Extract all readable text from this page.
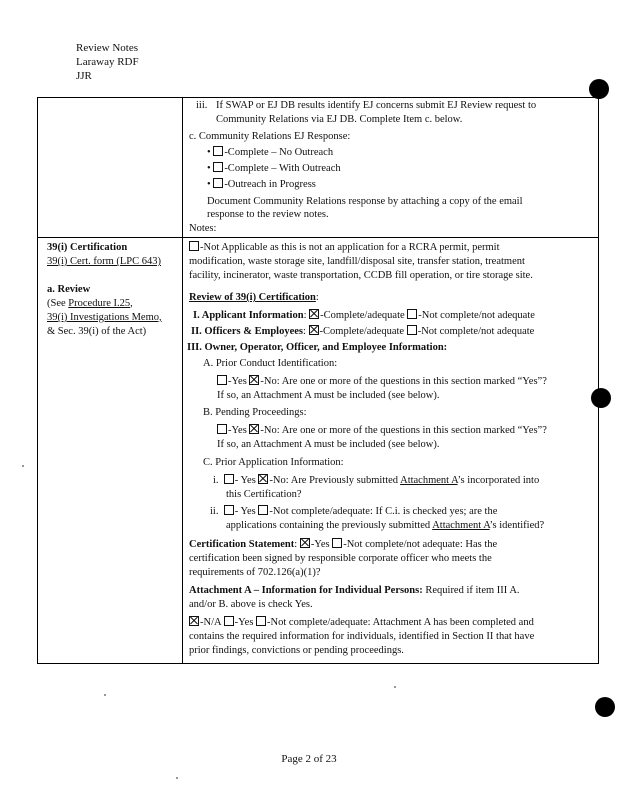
Review Notes
Laraway RDF
JJR
iii. If SWAP or EJ DB results identify EJ concerns submit EJ Review request to
Community Relations via EJ DB. Complete Item c. below.
c. Community Relations EJ Response:
• -Complete – No Outreach
• -Complete – With Outreach
• -Outreach in Progress
Document Community Relations response by attaching a copy of the email
response to the review notes.
Notes:
39(i) Certification
39(i) Cert. form (LPC 643)
a. Review
(See Procedure I.25,
39(i) Investigations Memo,
& Sec. 39(i) of the Act)
-Not Applicable as this is not an application for a RCRA permit, permit
modification, waste storage site, landfill/disposal site, transfer station, treatment
facility, incinerator, waste transportation, CCDB fill operation, or tire storage site.
Review of 39(i) Certification:
I. Applicant Information: -Complete/adequate -Not complete/not adequate
II. Officers & Employees: -Complete/adequate -Not complete/not adequate
III. Owner, Operator, Officer, and Employee Information:
A. Prior Conduct Identification:
-Yes -No: Are one or more of the questions in this section marked “Yes”?
If so, an Attachment A must be included (see below).
B. Pending Proceedings:
-Yes -No: Are one or more of the questions in this section marked “Yes”?
If so, an Attachment A must be included (see below).
C. Prior Application Information:
i. - Yes -No: Are Previously submitted Attachment A’s incorporated into
this Certification?
ii. - Yes -Not complete/adequate: If C.i. is checked yes; are the
applications containing the previously submitted Attachment A’s identified?
Certification Statement: -Yes -Not complete/not adequate: Has the
certification been signed by responsible corporate officer who meets the
requirements of 702.126(a)(1)?
Attachment A – Information for Individual Persons: Required if item III A.
and/or B. above is check Yes.
-N/A -Yes -Not complete/adequate: Attachment A has been completed and
contains the required information for individuals, identified in Section II that have
prior findings, convictions or pending proceedings.
Page 2 of 23
